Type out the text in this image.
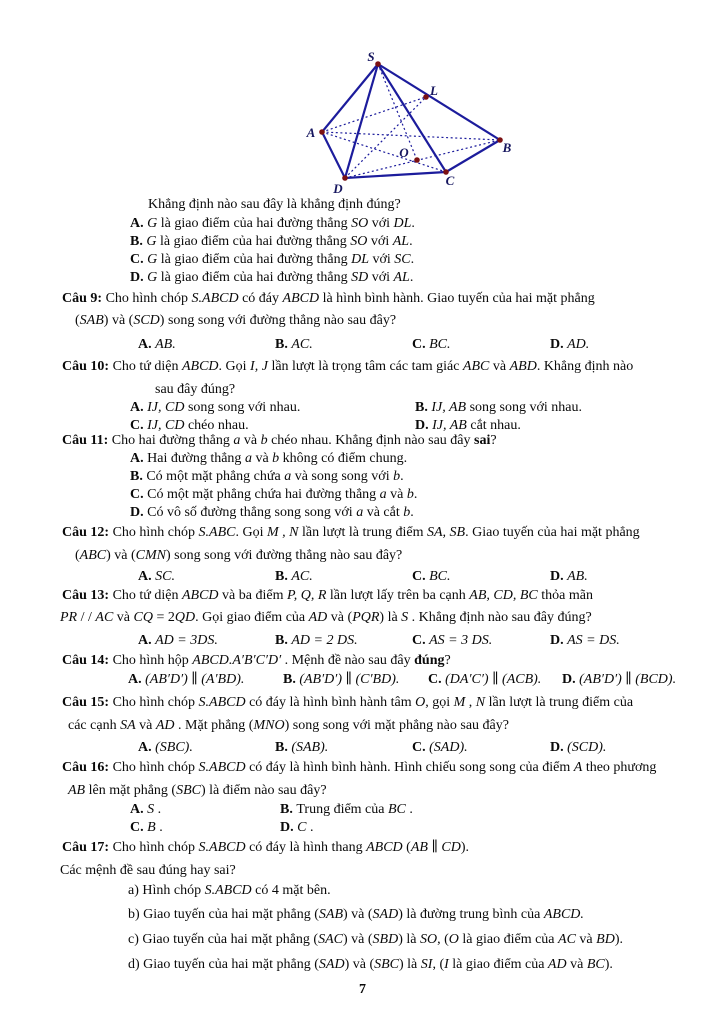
S
L
A
B
O
C
D
Khẳng định nào sau đây là khẳng định đúng?
A. G là giao điểm của hai đường thẳng SO với DL.
B. G là giao điểm của hai đường thẳng SO với AL.
C. G là giao điểm của hai đường thẳng DL với SC.
D. G là giao điểm của hai đường thẳng SD với AL.
Câu 9: Cho hình chóp S.ABCD có đáy ABCD là hình bình hành. Giao tuyến của hai mặt phẳng
(SAB) và (SCD) song song với đường thẳng nào sau đây?
A. AB.	B. AC.	C. BC.	D. AD.
Câu 10: Cho tứ diện ABCD. Gọi I, J lần lượt là trọng tâm các tam giác ABC và ABD. Khẳng định nào
sau đây đúng?
A. IJ, CD song song với nhau.	B. IJ, AB song song với nhau.
C. IJ, CD chéo nhau.	D. IJ, AB cắt nhau.
Câu 11: Cho hai đường thẳng a và b chéo nhau. Khẳng định nào sau đây sai?
A. Hai đường thẳng a và b không có điểm chung.
B. Có một mặt phẳng chứa a và song song với b.
C. Có một mặt phẳng chứa hai đường thẳng a và b.
D. Có vô số đường thẳng song song với a và cắt b.
Câu 12: Cho hình chóp S.ABC. Gọi M , N lần lượt là trung điểm SA, SB. Giao tuyến của hai mặt phẳng
(ABC) và (CMN) song song với đường thẳng nào sau đây?
A. SC.	B. AC.	C. BC.	D. AB.
Câu 13: Cho tứ diện ABCD và ba điểm P, Q, R lần lượt lấy trên ba cạnh AB, CD, BC thỏa mãn
PR / / AC và CQ = 2QD. Gọi giao điểm của AD và (PQR) là S . Khẳng định nào sau đây đúng?
A. AD = 3DS.	B. AD = 2 DS.	C. AS = 3 DS.	D. AS = DS.
Câu 14: Cho hình hộp ABCD.A′B′C′D′ . Mệnh đề nào sau đây đúng?
A. (AB′D′) ∥ (A′BD).	B. (AB′D′) ∥ (C′BD). C. (DA′C′) ∥ (ACB). D. (AB′D′) ∥ (BCD).
Câu 15: Cho hình chóp S.ABCD có đáy là hình bình hành tâm O, gọi M , N lần lượt là trung điểm của
các cạnh SA và AD . Mặt phẳng (MNO) song song với mặt phẳng nào sau đây?
A. (SBC).	B. (SAB).	C. (SAD).	D. (SCD).
Câu 16: Cho hình chóp S.ABCD có đáy là hình bình hành. Hình chiếu song song của điểm A theo phương
AB lên mặt phẳng (SBC) là điểm nào sau đây?
A. S .	B. Trung điểm của BC .
C. B .	D. C .
Câu 17: Cho hình chóp S.ABCD có đáy là hình thang ABCD (AB ∥ CD).
Các mệnh đề sau đúng hay sai?
a) Hình chóp S.ABCD có 4 mặt bên.
b) Giao tuyến của hai mặt phẳng (SAB) và (SAD) là đường trung bình của ABCD.
c) Giao tuyến của hai mặt phẳng (SAC) và (SBD) là SO, (O là giao điểm của AC và BD).
d) Giao tuyến của hai mặt phẳng (SAD) và (SBC) là SI, (I là giao điểm của AD và BC).
7
